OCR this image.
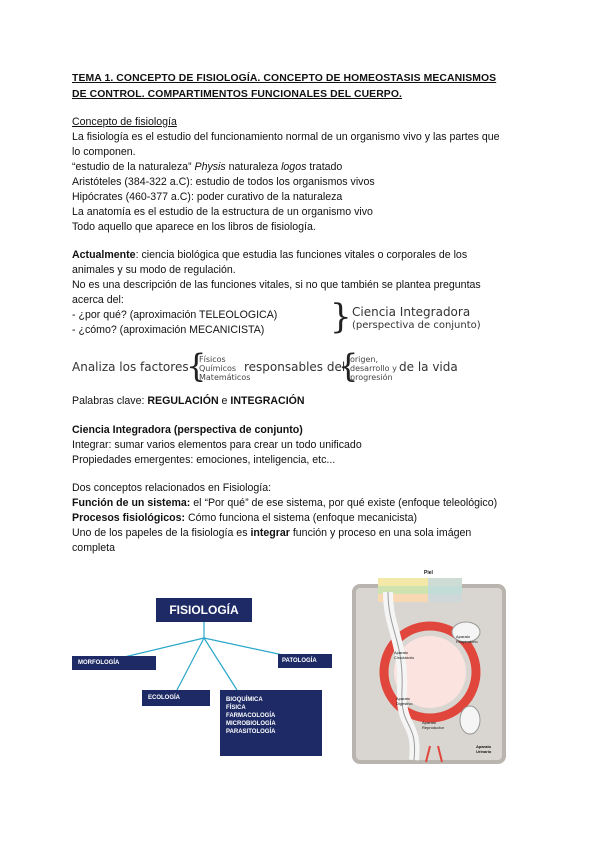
TEMA 1. CONCEPTO DE FISIOLOGÍA. CONCEPTO DE HOMEOSTASIS MECANISMOS
DE CONTROL. COMPARTIMENTOS FUNCIONALES DEL CUERPO.
Concepto de fisiología
La fisiología es el estudio del funcionamiento normal de un organismo vivo y las partes que
lo componen.
“estudio de la naturaleza” Physis naturaleza logos tratado
Aristóteles (384-322 a.C): estudio de todos los organismos vivos
Hipócrates (460-377 a.C): poder curativo de la naturaleza
La anatomía es el estudio de la estructura de un organismo vivo
Todo aquello que aparece en los libros de fisiología.
Actualmente: ciencia biológica que estudia las funciones vitales o corporales de los
animales y su modo de regulación.
No es una descripción de las funciones vitales, si no que también se plantea preguntas
acerca del:
- ¿por qué? (aproximación TELEOLOGICA)
- ¿cómo? (aproximación MECANICISTA) } Ciencia Integradora
(perspectiva de conjunto)
Analiza los factores
{
Físicos
Químicos
Matemáticos
responsables del
{
origen,
desarrollo y
progresión
de la vida
Palabras clave: REGULACIÓN e INTEGRACIÓN
Ciencia Integradora (perspectiva de conjunto)
Integrar: sumar varios elementos para crear un todo unificado
Propiedades emergentes: emociones, inteligencia, etc...
Dos conceptos relacionados en Fisiología:
Función de un sistema: el “Por qué” de ese sistema, por qué existe (enfoque teleológico)
Procesos fisiológicos: Cómo funciona el sistema (enfoque mecanicista)
Uno de los papeles de la fisiología es integrar función y proceso en una sola imágen
completa
FISIOLOGÍA
MORFOLOGÍA	PATOLOGÍA
ECOLOGÍA	BIOQUÍMICA
FÍSICA
FARMACOLOGÍA
MICROBIOLOGÍA
PARASITOLOGÍA
Piel
Aparato Circulatorio
Aparato Respiratorio
Aparato Digestivo
Aparato Urinario
Aparato Reproductor
